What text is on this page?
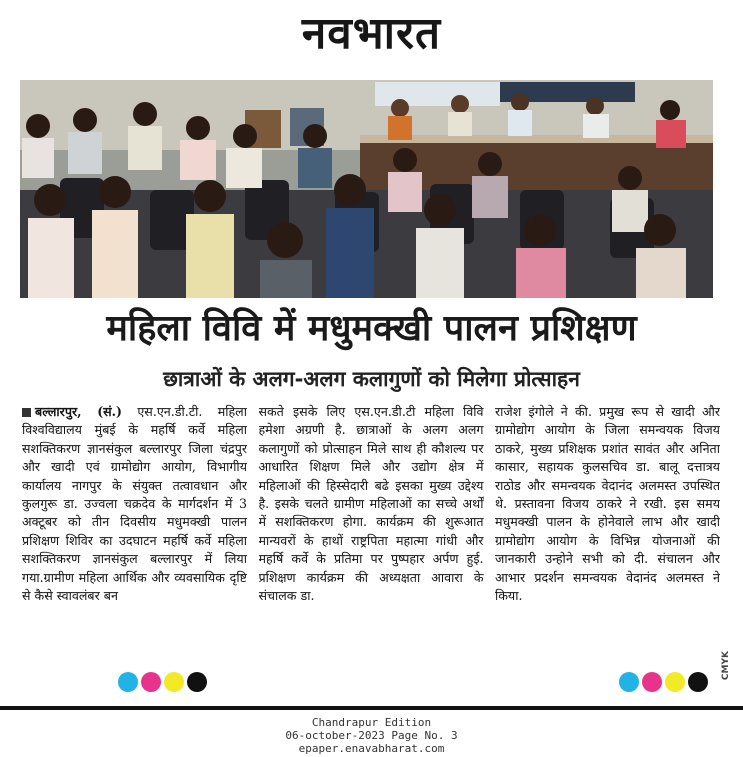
नवभारत
महिला विवि में मधुमक्खी पालन प्रशिक्षण
छात्राओं के अलग-अलग कलागुणों को मिलेगा प्रोत्साहन
बल्लारपुर, (सं.) एस.एन.डी.टी. महिला विश्वविद्यालय मुंबई के महर्षि कर्वे महिला सशक्तिकरण ज्ञानसंकुल बल्लारपुर जिला चंद्रपुर और खादी एवं ग्रामोद्योग आयोग, विभागीय कार्यालय नागपुर के संयुक्त तत्वावधान और कुलगुरू डा. उज्वला चक्रदेव के मार्गदर्शन में 3 अक्टूबर को तीन दिवसीय मधुमक्खी पालन प्रशिक्षण शिविर का उदघाटन महर्षि कर्वे महिला सशक्तिकरण ज्ञानसंकुल बल्लारपुर में लिया गया.ग्रामीण महिला आर्थिक और व्यवसायिक दृष्टि से कैसे स्वावलंबर बन
सकते इसके लिए एस.एन.डी.टी महिला विवि हमेशा अग्रणी है. छात्राओं के अलग अलग कलागुणों को प्रोत्साहन मिले साथ ही कौशल्य पर आधारित शिक्षण मिले और उद्योग क्षेत्र में महिलाओं की हिस्सेदारी बढे इसका मुख्य उद्देश्य है. इसके चलते ग्रामीण महिलाओं का सच्चे अर्थों में सशक्तिकरण होगा. कार्यक्रम की शुरूआत मान्यवरों के हाथों राष्ट्रपिता महात्मा गांधी और महर्षि कर्वे के प्रतिमा पर पुष्पहार अर्पण हुई. प्रशिक्षण कार्यक्रम की अध्यक्षता आवारा के संचालक डा.
राजेश इंगोले ने की. प्रमुख रूप से खादी और ग्रामोद्योग आयोग के जिला समन्वयक विजय ठाकरे, मुख्य प्रशिक्षक प्रशांत सावंत और अनिता कासार, सहायक कुलसचिव डा. बालू दत्तात्रय राठोड और समन्वयक वेदानंद अलमस्त उपस्थित थे. प्रस्तावना विजय ठाकरे ने रखी. इस समय मधुमक्खी पालन के होनेवाले लाभ और खादी ग्रामोद्योग आयोग के विभिन्न योजनाओं की जानकारी उन्होने सभी को दी. संचालन और आभार प्रदर्शन समन्वयक वेदानंद अलमस्त ने किया.
CMYK
Chandrapur Edition
06-october-2023 Page No. 3
epaper.enavabharat.com
